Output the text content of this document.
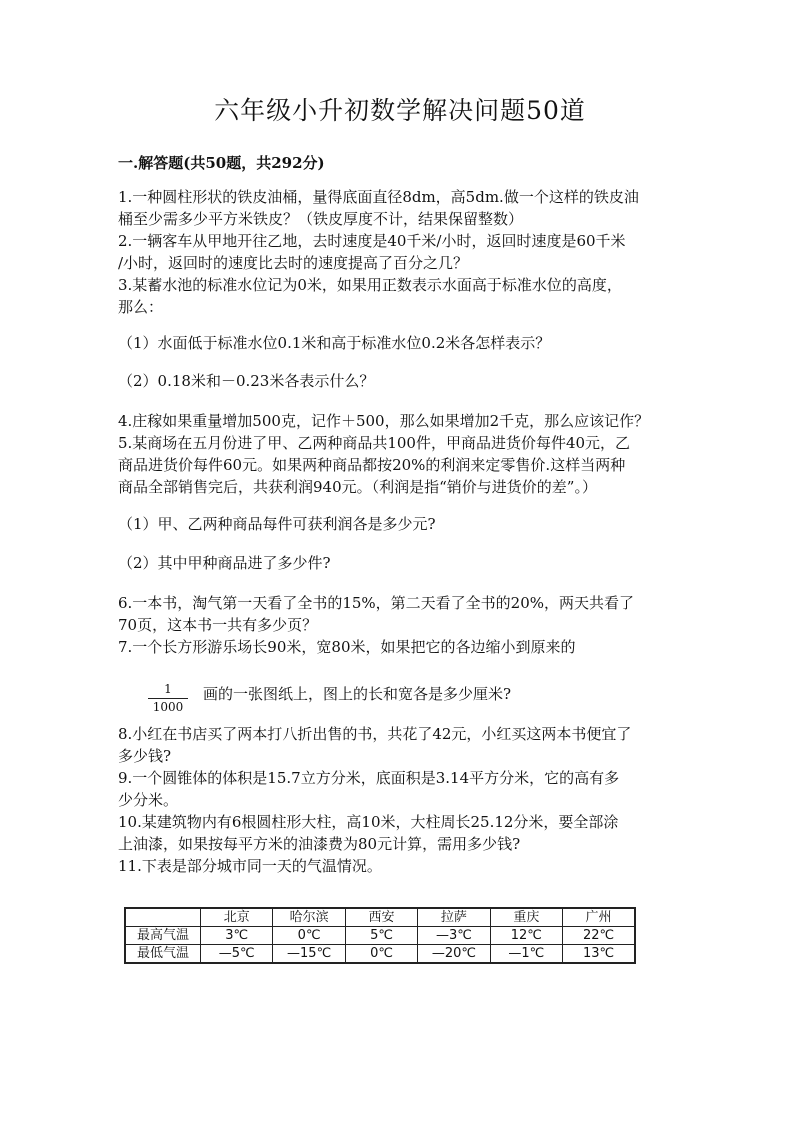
六年级小升初数学解决问题50道
一.解答题(共50题，共292分)
1.一种圆柱形状的铁皮油桶，量得底面直径8dm，高5dm.做一个这样的铁皮油
桶至少需多少平方米铁皮？（铁皮厚度不计，结果保留整数）
2.一辆客车从甲地开往乙地，去时速度是40千米/小时，返回时速度是60千米
/小时，返回时的速度比去时的速度提高了百分之几？
3.某蓄水池的标准水位记为0米，如果用正数表示水面高于标准水位的高度，
那么：
（1）水面低于标准水位0.1米和高于标准水位0.2米各怎样表示？
（2）0.18米和－0.23米各表示什么？
4.庄稼如果重量增加500克，记作＋500，那么如果增加2千克，那么应该记作？
5.某商场在五月份进了甲、乙两种商品共100件，甲商品进货价每件40元，乙
商品进货价每件60元。如果两种商品都按20%的利润来定零售价.这样当两种
商品全部销售完后，共获利润940元。（利润是指“销价与进货价的差”。）
（1）甲、乙两种商品每件可获利润各是多少元?
（2）其中甲种商品进了多少件?
6.一本书，淘气第一天看了全书的15%，第二天看了全书的20%，两天共看了
70页，这本书一共有多少页？
7.一个长方形游乐场长90米，宽80米，如果把它的各边缩小到原来的
$\frac{1}{1000}$ 画的一张图纸上，图上的长和宽各是多少厘米?
8.小红在书店买了两本打八折出售的书，共花了42元，小红买这两本书便宜了
多少钱?
9.一个圆锥体的体积是15.7立方分米，底面积是3.14平方分米，它的高有多
少分米。
10.某建筑物内有6根圆柱形大柱，高10米，大柱周长25.12分米，要全部涂
上油漆，如果按每平方米的油漆费为80元计算，需用多少钱?
11.下表是部分城市同一天的气温情况。
	北京	哈尔滨	西安	拉萨	重庆	广州
最高气温	3℃	0℃	5℃	—3℃	12℃	22℃
最低气温	—5℃	—15℃	0℃	—20℃	—1℃	13℃
